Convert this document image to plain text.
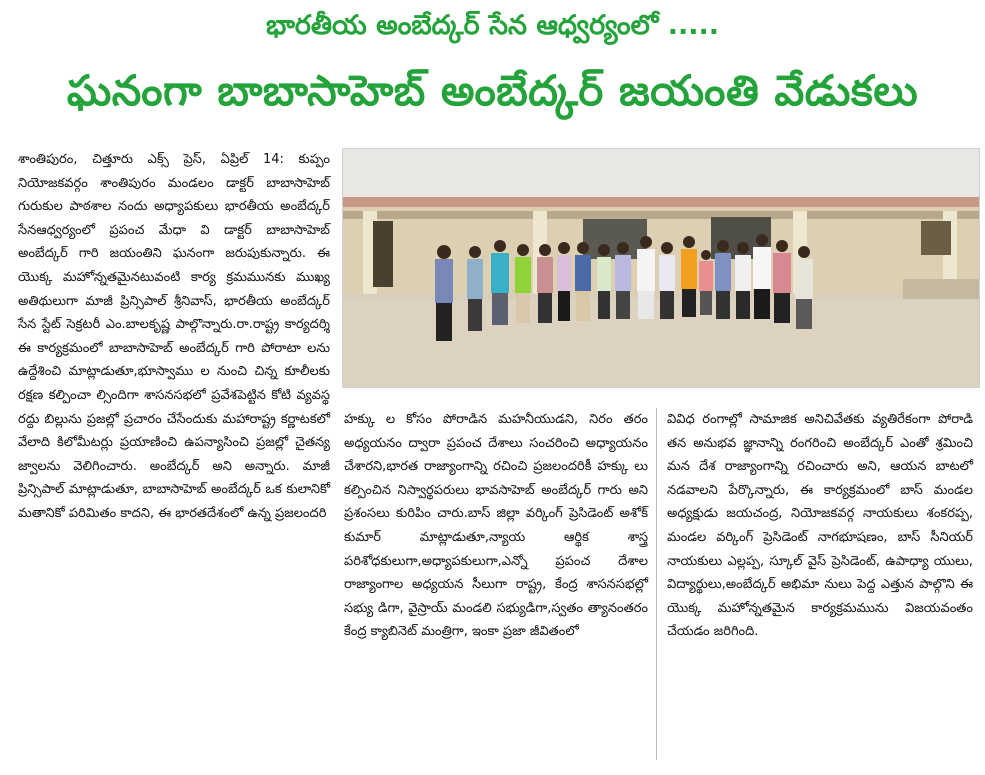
భారతీయ అంబేద్కర్ సేన ఆధ్వర్యంలో .....
ఘనంగా బాబాసాహెబ్ అంబేద్కర్ జయంతి వేడుకలు

శాంతిపురం, చిత్తూరు ఎక్స్ ప్రెస్, ఏప్రిల్ 14: కుప్పం నియోజకవర్గం శాంతిపురం మండలం డాక్టర్ బాబాసాహెబ్ గురుకుల పాఠశాల నందు అధ్యాపకులు భారతీయ అంబేద్కర్ సేనఆధ్వర్యంలో ప్రపంచ మేధా వి డాక్టర్ బాబాసాహెబ్ అంబేద్కర్ గారి జయంతిని ఘనంగా జరుపుకున్నారు. ఈ యొక్క మహోన్నతమైనటువంటి కార్య క్రమమునకు ముఖ్య అతిథులుగా మాజీ ప్రిన్సిపాల్ శ్రీనివాస్, భారతీయ అంబేద్కర్ సేన స్టేట్ సెక్రటరీ ఎం.బాలకృష్ణ పాల్గొన్నారు.రా.రాష్ట్ర కార్యదర్శి ఈ కార్యక్రమంలో బాబాసాహెబ్ అంబేద్కర్ గారి పోరాటా లను ఉద్దేశించి మాట్లాడుతూ,భూస్వాము ల నుంచి చిన్న కూలీలకు రక్షణ కల్పించా ల్సిందిగా శాసనసభలో ప్రవేశపెట్టిన కోటి వ్యవస్థ రద్దు బిల్లును ప్రజల్లో ప్రచారం చేసేందుకు మహారాష్ట్ర కర్ణాటకలో వేలాది కిలోమీటర్లు ప్రయాణించి ఉపన్యాసించి ప్రజల్లో చైతన్య జ్వాలను వెలిగించారు. అంబేద్కర్ అని అన్నారు. మాజీ ప్రిన్సిపాల్ మాట్లాడుతూ, బాబాసాహెబ్ అంబేద్కర్ ఒక కులానికో మతానికో పరిమితం కాదని, ఈ భారతదేశంలో ఉన్న ప్రజలందరి

హక్కు ల కోసం పోరాడిన మహనీయుడని, నిరం తరం అధ్యయనం ద్వారా ప్రపంచ దేశాలు సంచరించి అధ్యాయనం చేశారని,భారత రాజ్యాంగాన్ని రచించి ప్రజలందరికీ హక్కు లు కల్పించిన నిస్వార్థపరులు భావసాహెబ్ అంబేద్కర్ గారు అని ప్రశంసలు కురిపిం చారు.బాస్ జిల్లా వర్కింగ్ ప్రెసిడెంట్ అశోక్ కుమార్ మాట్లాడుతూ,న్యాయ ఆర్థిక శాస్త్ర పరిశోధకులుగా,అధ్యాపకులుగా,ఎన్నో ప్రపంచ దేశాల రాజ్యాంగాల అధ్యయన సీలుగా రాష్ట్ర, కేంద్ర శాసనసభల్లో సభ్యు డిగా, వైస్రాయ్ మండలి సభ్యుడిగా,స్వతం త్యానంతరం కేంద్ర క్యాబినెట్ మంత్రిగా, ఇంకా ప్రజా జీవితంలో

వివిధ రంగాల్లో సామాజిక అనిచివేతకు వ్యతిరేకంగా పోరాడి తన అనుభవ జ్ఞానాన్ని రంగరించి అంబేద్కర్ ఎంతో శ్రమించి మన దేశ రాజ్యాంగాన్ని రచించారు అని, ఆయన బాటలో నడవాలని పేర్కొన్నారు, ఈ కార్యక్రమంలో బాస్ మండల అధ్యక్షుడు జయచంద్ర, నియోజకవర్గ నాయకులు శంకరప్ప, మండల వర్కింగ్ ప్రెసిడెంట్ నాగభూషణం, బాస్ సీనియర్ నాయకులు ఎల్లప్ప, స్కూల్ వైస్ ప్రెసిడెంట్, ఉపాధ్యా యులు, విద్యార్థులు,అంబేద్కర్ అభిమా నులు పెద్ద ఎత్తున పాల్గొని ఈ యొక్క మహోన్నతమైన కార్యక్రమమును విజయవంతం చేయడం జరిగింది.
